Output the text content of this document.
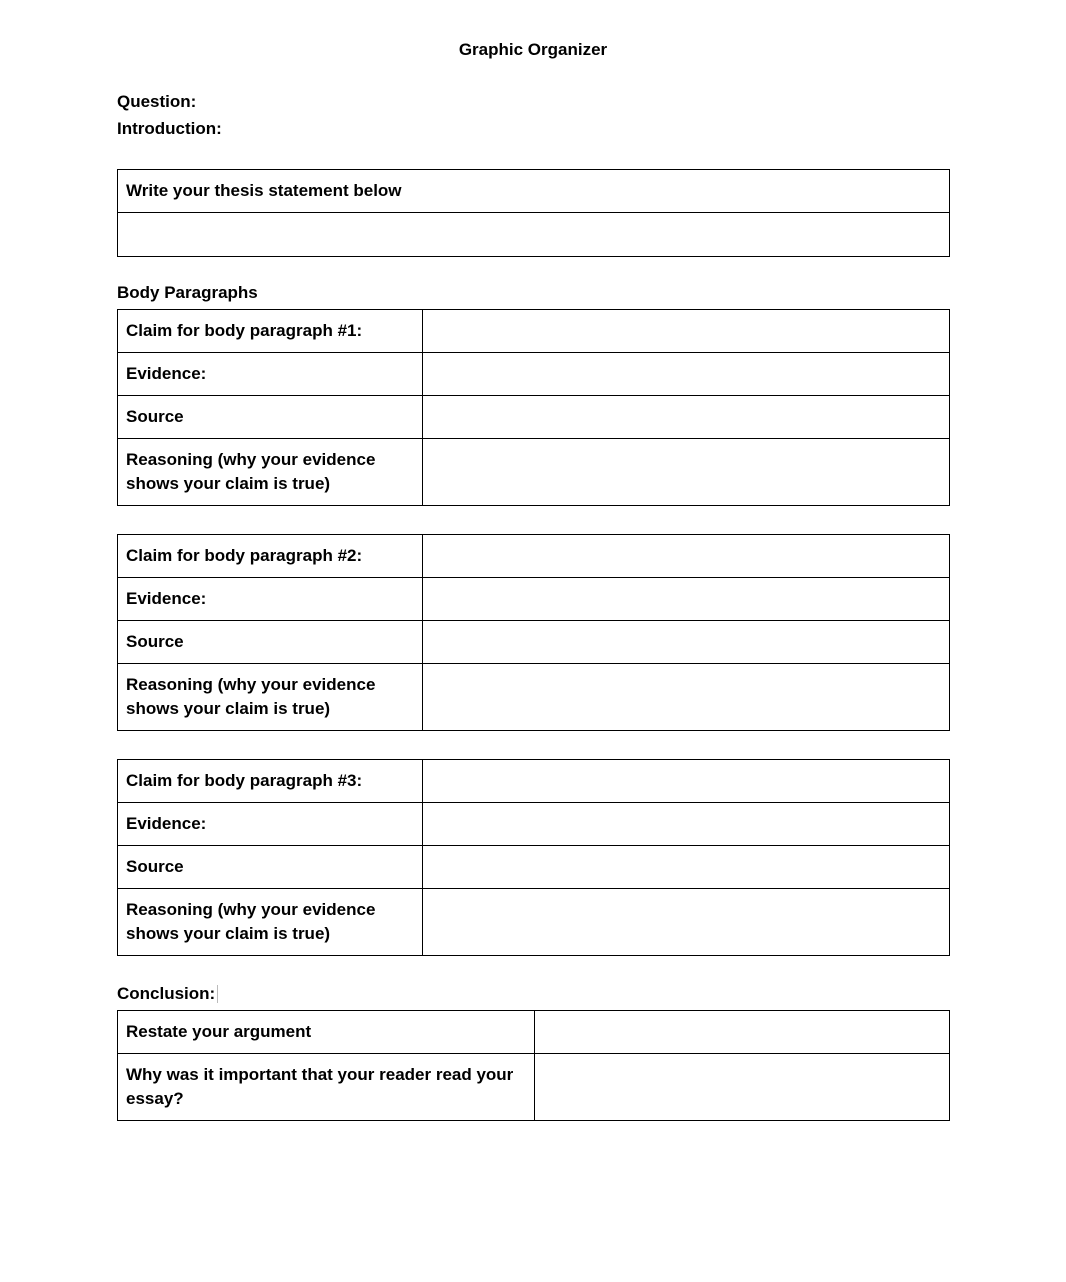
Graphic Organizer
Question:
Introduction:
Write your thesis statement below

Body Paragraphs
Claim for body paragraph #1:	
Evidence:	
Source	
Reasoning (why your evidence shows your claim is true)	
Claim for body paragraph #2:	
Evidence:	
Source	
Reasoning (why your evidence shows your claim is true)	
Claim for body paragraph #3:	
Evidence:	
Source	
Reasoning (why your evidence shows your claim is true)	
Conclusion:
Restate your argument	
Why was it important that your reader read your essay?	
